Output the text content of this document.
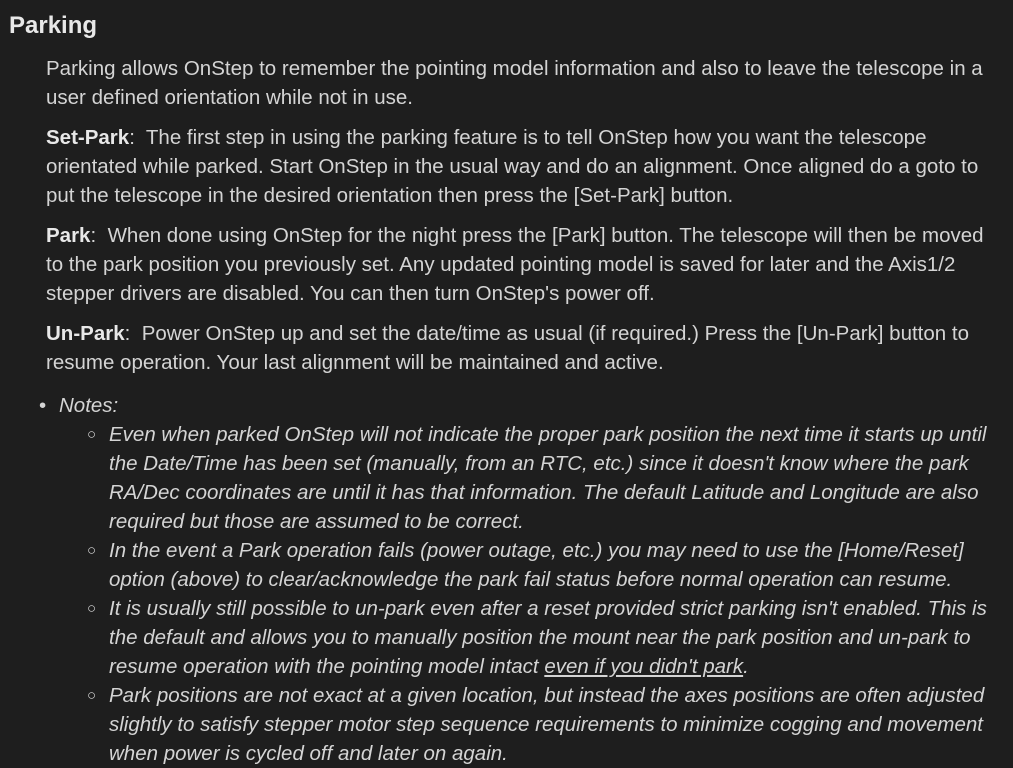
Parking

Parking allows OnStep to remember the pointing model information and also to leave the telescope in a user defined orientation while not in use.

Set-Park:  The first step in using the parking feature is to tell OnStep how you want the telescope orientated while parked. Start OnStep in the usual way and do an alignment. Once aligned do a goto to put the telescope in the desired orientation then press the [Set-Park] button.

Park:  When done using OnStep for the night press the [Park] button. The telescope will then be moved to the park position you previously set. Any updated pointing model is saved for later and the Axis1/2 stepper drivers are disabled. You can then turn OnStep's power off.

Un-Park:  Power OnStep up and set the date/time as usual (if required.) Press the [Un-Park] button to resume operation. Your last alignment will be maintained and active.

• Notes:
○ Even when parked OnStep will not indicate the proper park position the next time it starts up until the Date/Time has been set (manually, from an RTC, etc.) since it doesn't know where the park RA/Dec coordinates are until it has that information. The default Latitude and Longitude are also required but those are assumed to be correct.
○ In the event a Park operation fails (power outage, etc.) you may need to use the [Home/Reset] option (above) to clear/acknowledge the park fail status before normal operation can resume.
○ It is usually still possible to un-park even after a reset provided strict parking isn't enabled. This is the default and allows you to manually position the mount near the park position and un-park to resume operation with the pointing model intact even if you didn't park.
○ Park positions are not exact at a given location, but instead the axes positions are often adjusted slightly to satisfy stepper motor step sequence requirements to minimize cogging and movement when power is cycled off and later on again.
